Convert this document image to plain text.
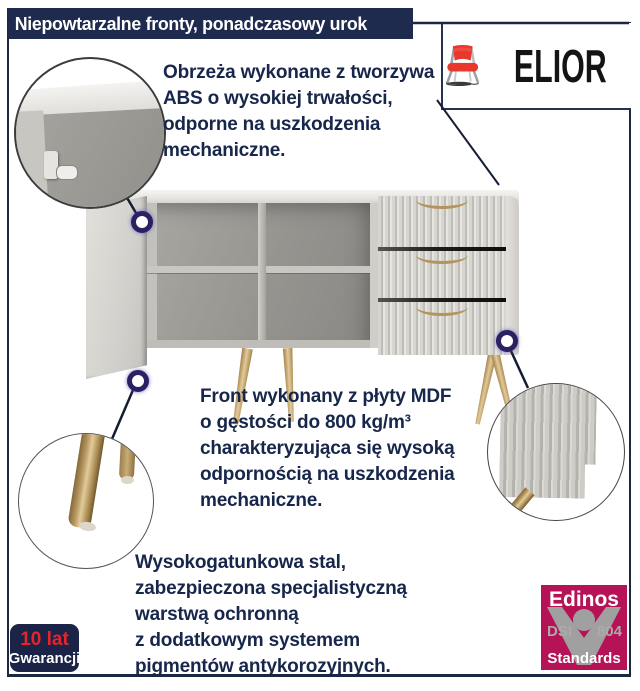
Niepowtarzalne fronty, ponadczasowy urok
ELIOR
Obrzeża wykonane z tworzywa
ABS o wysokiej trwałości,
odporne na uszkodzenia
mechaniczne.
Front wykonany z płyty MDF
o gęstości do 800 kg/m³
charakteryzująca się wysoką
odpornością na uszkodzenia
mechaniczne.
Wysokogatunkowa stal,
zabezpieczona specjalistyczną
warstwą ochronną
z dodatkowym systemem
pigmentów antykorozyjnych.
10 lat
Gwarancji
Edinos
DSI 804
Standards
